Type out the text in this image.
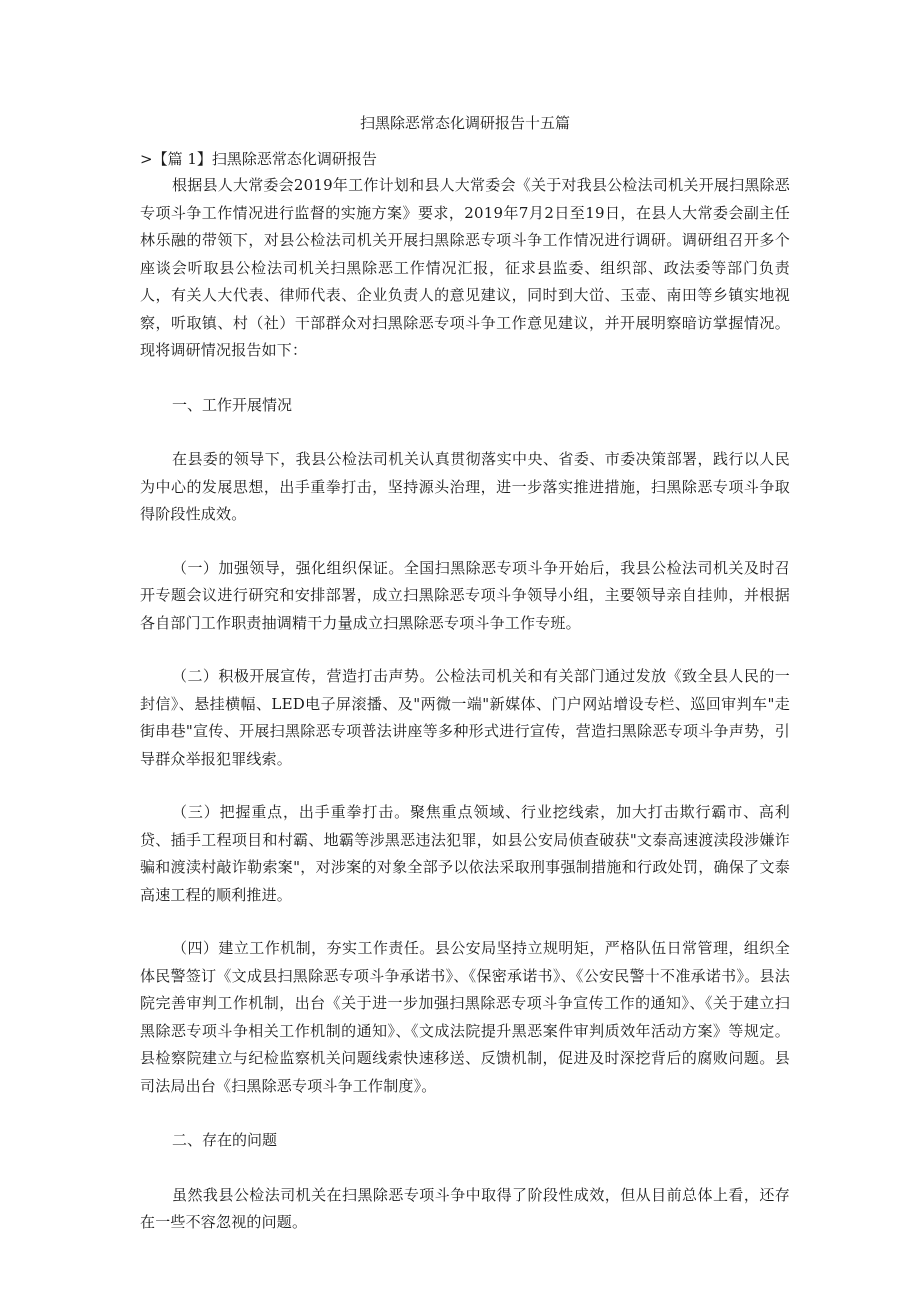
扫黑除恶常态化调研报告十五篇

>【篇 1】扫黑除恶常态化调研报告

根据县人大常委会2019年工作计划和县人大常委会《关于对我县公检法司机关开展扫黑除恶专项斗争工作情况进行监督的实施方案》要求，2019年7月2日至19日，在县人大常委会副主任林乐融的带领下，对县公检法司机关开展扫黑除恶专项斗争工作情况进行调研。调研组召开多个座谈会听取县公检法司机关扫黑除恶工作情况汇报，征求县监委、组织部、政法委等部门负责人，有关人大代表、律师代表、企业负责人的意见建议，同时到大峃、玉壶、南田等乡镇实地视察，听取镇、村（社）干部群众对扫黑除恶专项斗争工作意见建议，并开展明察暗访掌握情况。现将调研情况报告如下：

一、工作开展情况

在县委的领导下，我县公检法司机关认真贯彻落实中央、省委、市委决策部署，践行以人民为中心的发展思想，出手重拳打击，坚持源头治理，进一步落实推进措施，扫黑除恶专项斗争取得阶段性成效。

（一）加强领导，强化组织保证。全国扫黑除恶专项斗争开始后，我县公检法司机关及时召开专题会议进行研究和安排部署，成立扫黑除恶专项斗争领导小组，主要领导亲自挂帅，并根据各自部门工作职责抽调精干力量成立扫黑除恶专项斗争工作专班。

（二）积极开展宣传，营造打击声势。公检法司机关和有关部门通过发放《致全县人民的一封信》、悬挂横幅、LED电子屏滚播、及"两微一端"新媒体、门户网站增设专栏、巡回审判车"走街串巷"宣传、开展扫黑除恶专项普法讲座等多种形式进行宣传，营造扫黑除恶专项斗争声势，引导群众举报犯罪线索。

（三）把握重点，出手重拳打击。聚焦重点领域、行业挖线索，加大打击欺行霸市、高利贷、插手工程项目和村霸、地霸等涉黑恶违法犯罪，如县公安局侦查破获"文泰高速渡渎段涉嫌诈骗和渡渎村敲诈勒索案"，对涉案的对象全部予以依法采取刑事强制措施和行政处罚，确保了文泰高速工程的顺利推进。

（四）建立工作机制，夯实工作责任。县公安局坚持立规明矩，严格队伍日常管理，组织全体民警签订《文成县扫黑除恶专项斗争承诺书》、《保密承诺书》、《公安民警十不准承诺书》。县法院完善审判工作机制，出台《关于进一步加强扫黑除恶专项斗争宣传工作的通知》、《关于建立扫黑除恶专项斗争相关工作机制的通知》、《文成法院提升黑恶案件审判质效年活动方案》等规定。县检察院建立与纪检监察机关问题线索快速移送、反馈机制，促进及时深挖背后的腐败问题。县司法局出台《扫黑除恶专项斗争工作制度》。

二、存在的问题

虽然我县公检法司机关在扫黑除恶专项斗争中取得了阶段性成效，但从目前总体上看，还存在一些不容忽视的问题。
